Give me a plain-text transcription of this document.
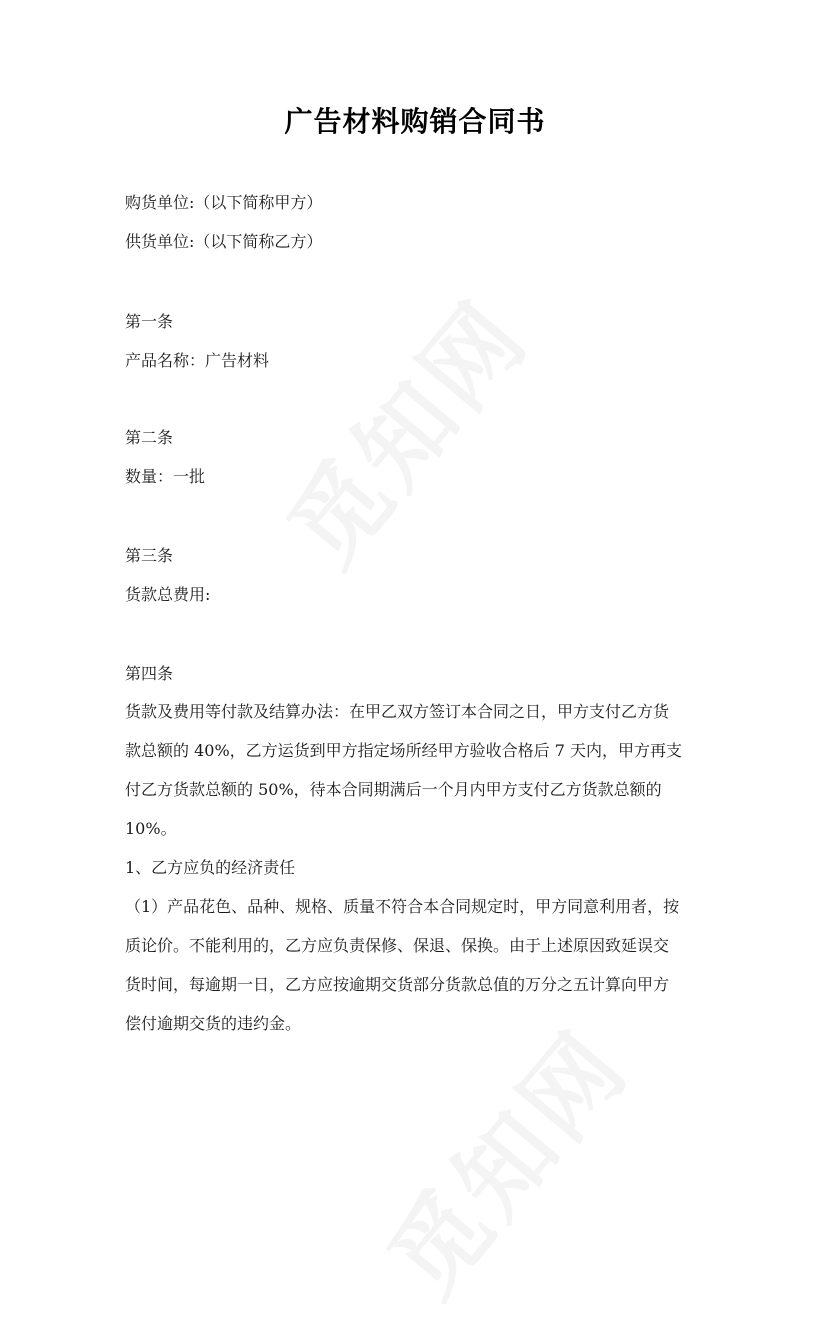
广告材料购销合同书
购货单位:（以下简称甲方）
供货单位:（以下简称乙方）
第一条
产品名称：广告材料
第二条
数量：一批
第三条
货款总费用:
第四条
货款及费用等付款及结算办法：在甲乙双方签订本合同之日，甲方支付乙方货
款总额的 40%，乙方运货到甲方指定场所经甲方验收合格后 7 天内，甲方再支
付乙方货款总额的 50%，待本合同期满后一个月内甲方支付乙方货款总额的
10%。
1、乙方应负的经济责任
（1）产品花色、品种、规格、质量不符合本合同规定时，甲方同意利用者，按
质论价。不能利用的，乙方应负责保修、保退、保换。由于上述原因致延误交
货时间，每逾期一日，乙方应按逾期交货部分货款总值的万分之五计算向甲方
偿付逾期交货的违约金。
